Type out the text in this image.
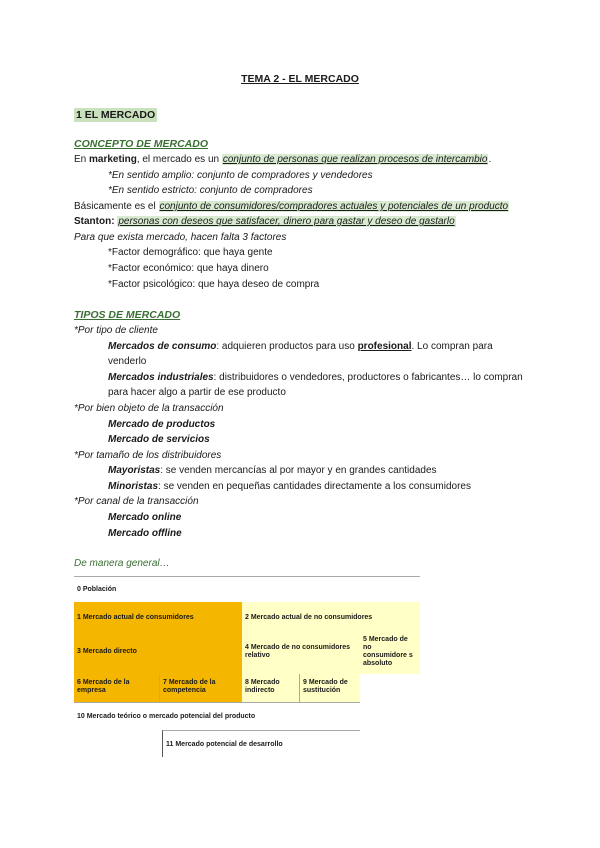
TEMA 2 - EL MERCADO
1 EL MERCADO
CONCEPTO DE MERCADO
En marketing, el mercado es un conjunto de personas que realizan procesos de intercambio.
*En sentido amplio: conjunto de compradores y vendedores
*En sentido estricto: conjunto de compradores
Básicamente es el conjunto de consumidores/compradores actuales y potenciales de un producto
Stanton: personas con deseos que satisfacer, dinero para gastar y deseo de gastarlo
Para que exista mercado, hacen falta 3 factores
*Factor demográfico: que haya gente
*Factor económico: que haya dinero
*Factor psicológico: que haya deseo de compra
TIPOS DE MERCADO
*Por tipo de cliente
Mercados de consumo: adquieren productos para uso profesional. Lo compran para
venderlo
Mercados industriales: distribuidores o vendedores, productores o fabricantes… lo compran
para hacer algo a partir de ese producto
*Por bien objeto de la transacción
Mercado de productos
Mercado de servicios
*Por tamaño de los distribuidores
Mayoristas: se venden mercancías al por mayor y en grandes cantidades
Minoristas: se venden en pequeñas cantidades directamente a los consumidores
*Por canal de la transacción
Mercado online
Mercado offline
De manera general…
0 Población
1 Mercado actual de consumidores
3 Mercado directo
2 Mercado actual de no consumidores
4 Mercado de no consumidores relativo
5 Mercado de no consumidore s absoluto
6 Mercado de la empresa
7 Mercado de la competencia
8 Mercado indirecto
9 Mercado de sustitución
10 Mercado teórico o mercado potencial del producto
11 Mercado potencial de desarrollo
